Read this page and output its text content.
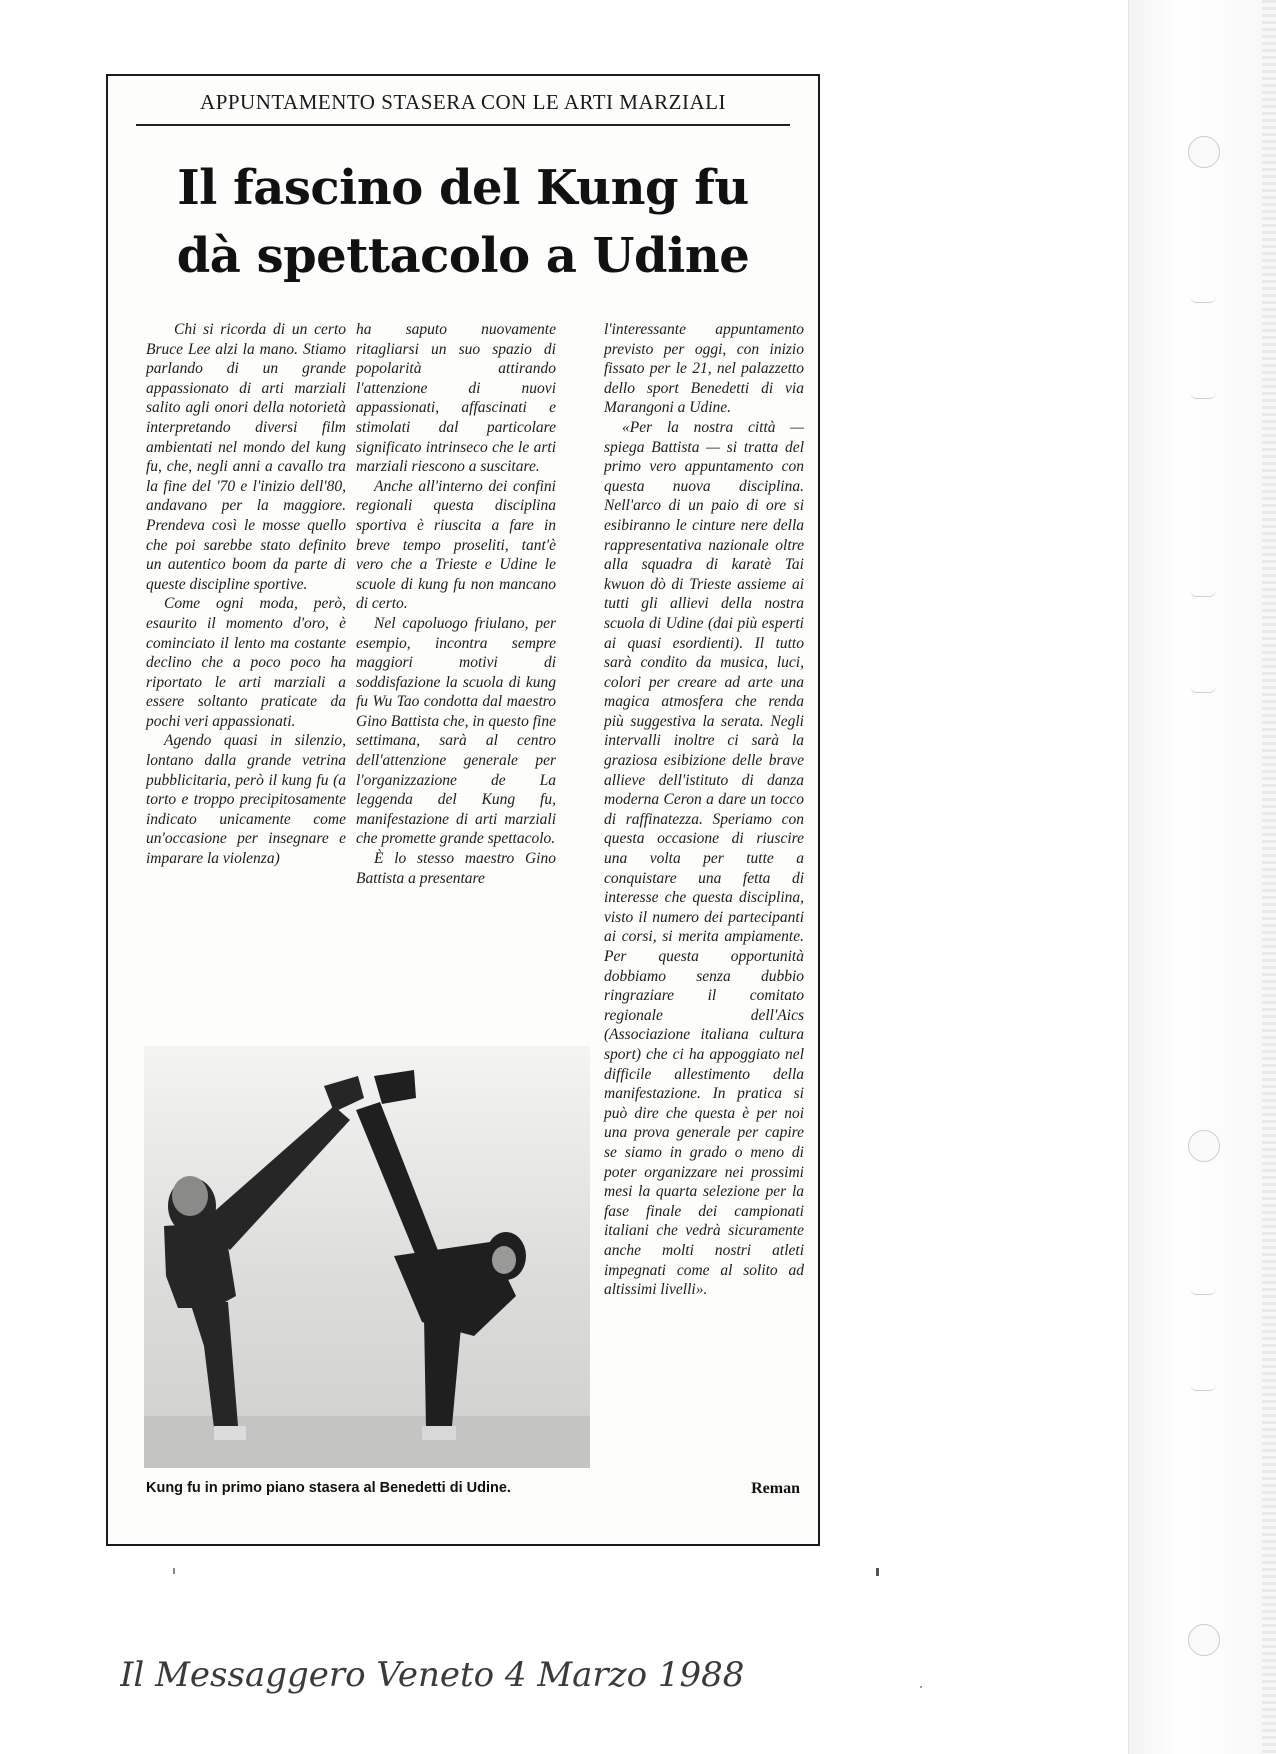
APPUNTAMENTO STASERA CON LE ARTI MARZIALI
Il fascino del Kung fu
dà spettacolo a Udine

Chi si ricorda di un certo Bruce Lee alzi la mano. Stiamo parlando di un grande appassionato di arti marziali salito agli onori della notorietà interpretando diversi film ambientati nel mondo del kung fu, che, negli anni a cavallo tra la fine del '70 e l'inizio dell'80, andavano per la maggiore. Prendeva così le mosse quello che poi sarebbe stato definito un autentico boom da parte di queste discipline sportive.

Come ogni moda, però, esaurito il momento d'oro, è cominciato il lento ma costante declino che a poco poco ha riportato le arti marziali a essere soltanto praticate da pochi veri appassionati.

Agendo quasi in silenzio, lontano dalla grande vetrina pubblicitaria, però il kung fu (a torto e troppo precipitosamente indicato unicamente come un'occasione per insegnare e imparare la violenza)

ha saputo nuovamente ritagliarsi un suo spazio di popolarità attirando l'attenzione di nuovi appassionati, affascinati e stimolati dal particolare significato intrinseco che le arti marziali riescono a suscitare.

Anche all'interno dei confini regionali questa disciplina sportiva è riuscita a fare in breve tempo proseliti, tant'è vero che a Trieste e Udine le scuole di kung fu non mancano di certo.

Nel capoluogo friulano, per esempio, incontra sempre maggiori motivi di soddisfazione la scuola di kung fu Wu Tao condotta dal maestro Gino Battista che, in questo fine settimana, sarà al centro dell'attenzione generale per l'organizzazione de La leggenda del Kung fu, manifestazione di arti marziali che promette grande spettacolo.

È lo stesso maestro Gino Battista a presentare

l'interessante appuntamento previsto per oggi, con inizio fissato per le 21, nel palazzetto dello sport Benedetti di via Marangoni a Udine.

«Per la nostra città — spiega Battista — si tratta del primo vero appuntamento con questa nuova disciplina. Nell'arco di un paio di ore si esibiranno le cinture nere della rappresentativa nazionale oltre alla squadra di karatè Tai kwuon dò di Trieste assieme ai tutti gli allievi della nostra scuola di Udine (dai più esperti ai quasi esordienti). Il tutto sarà condito da musica, luci, colori per creare ad arte una magica atmosfera che renda più suggestiva la serata. Negli intervalli inoltre ci sarà la graziosa esibizione delle brave allieve dell'istituto di danza moderna Ceron a dare un tocco di raffinatezza. Speriamo con questa occasione di riuscire una volta per tutte a conquistare una fetta di interesse che questa disciplina, visto il numero dei partecipanti ai corsi, si merita ampiamente. Per questa opportunità dobbiamo senza dubbio ringraziare il comitato regionale dell'Aics (Associazione italiana cultura sport) che ci ha appoggiato nel difficile allestimento della manifestazione. In pratica si può dire che questa è per noi una prova generale per capire se siamo in grado o meno di poter organizzare nei prossimi mesi la quarta selezione per la fase finale dei campionati italiani che vedrà sicuramente anche molti nostri atleti impegnati come al solito ad altissimi livelli».

Kung fu in primo piano stasera al Benedetti di Udine.	Reman
Il Messaggero Veneto 4 Marzo 1988
